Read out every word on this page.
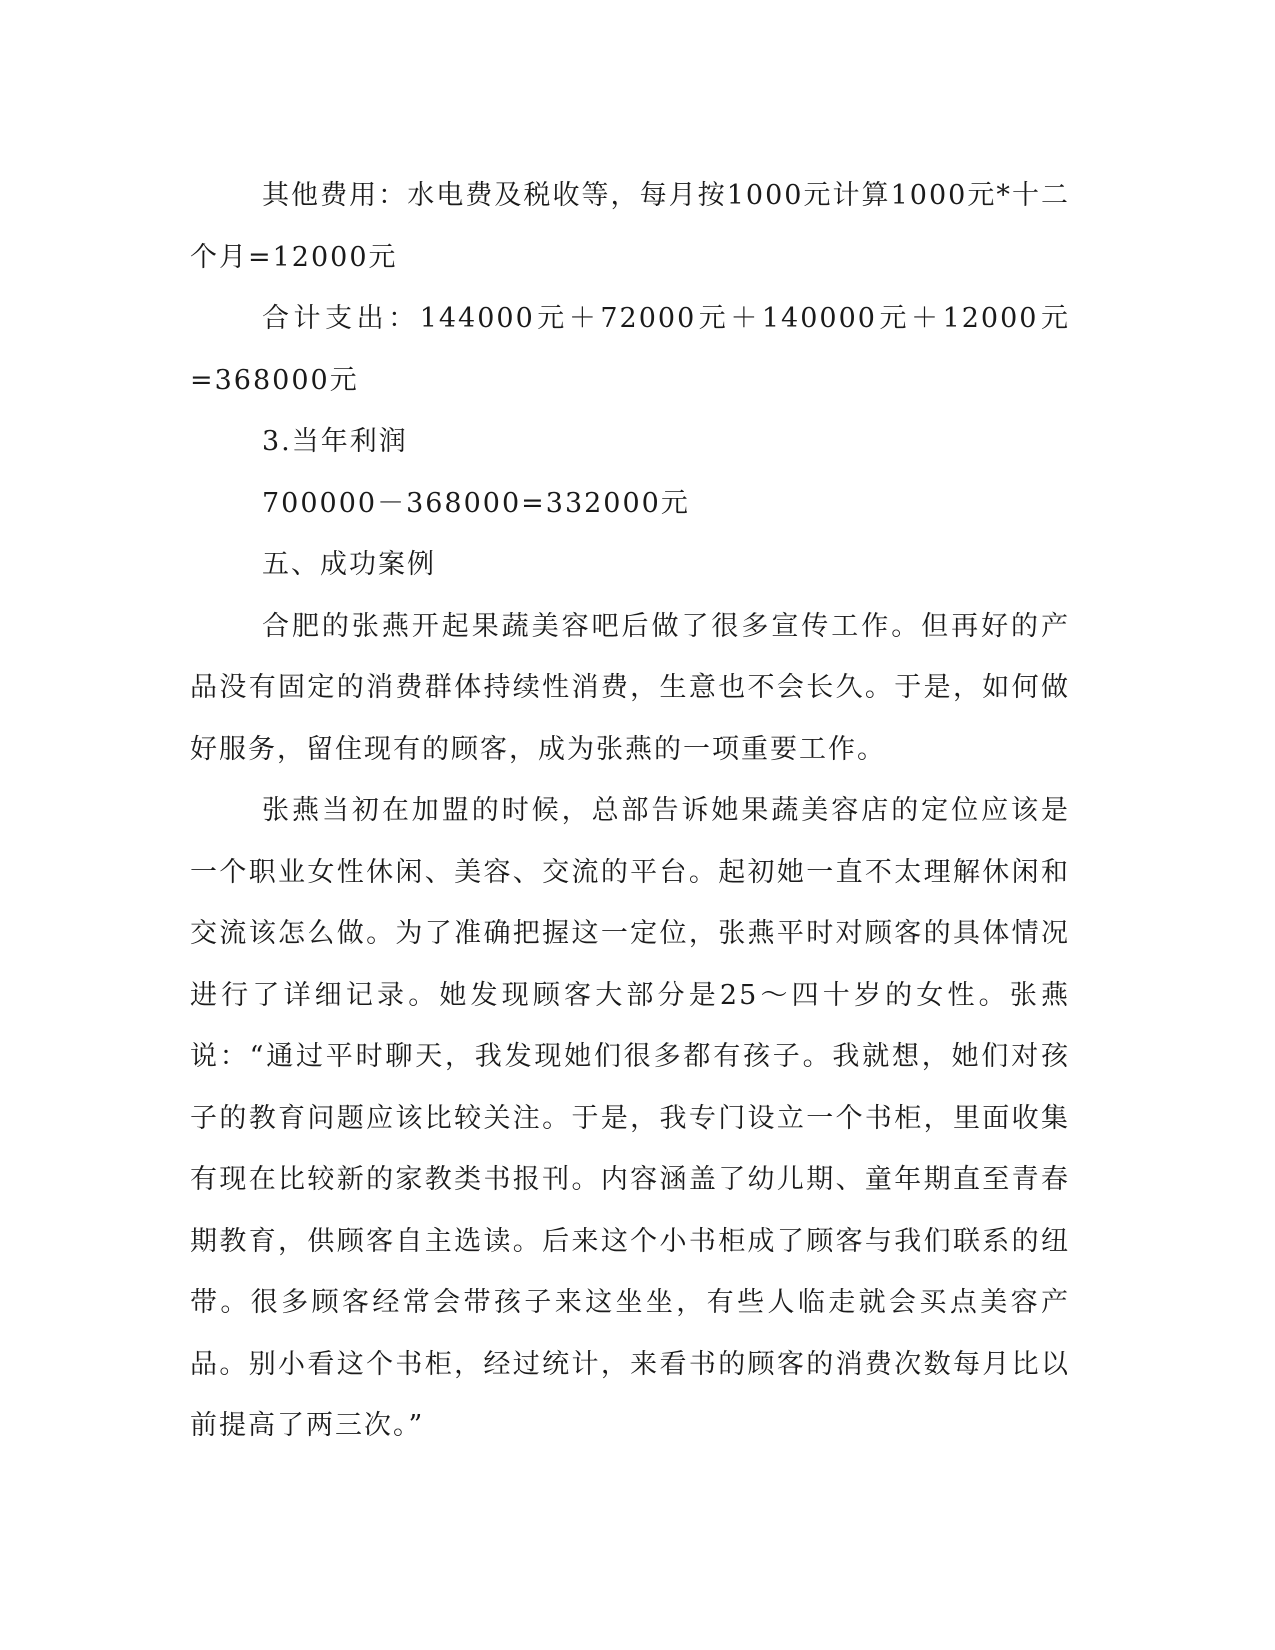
其他费用：水电费及税收等，每月按1000元计算1000元*十二个月=12000元

合计支出：144000元＋72000元＋140000元＋12000元=368000元

3.当年利润

700000－368000=332000元

五、成功案例

合肥的张燕开起果蔬美容吧后做了很多宣传工作。但再好的产品没有固定的消费群体持续性消费，生意也不会长久。于是，如何做好服务，留住现有的顾客，成为张燕的一项重要工作。

张燕当初在加盟的时候，总部告诉她果蔬美容店的定位应该是一个职业女性休闲、美容、交流的平台。起初她一直不太理解休闲和交流该怎么做。为了准确把握这一定位，张燕平时对顾客的具体情况进行了详细记录。她发现顾客大部分是25～四十岁的女性。张燕说：“通过平时聊天，我发现她们很多都有孩子。我就想，她们对孩子的教育问题应该比较关注。于是，我专门设立一个书柜，里面收集有现在比较新的家教类书报刊。内容涵盖了幼儿期、童年期直至青春期教育，供顾客自主选读。后来这个小书柜成了顾客与我们联系的纽带。很多顾客经常会带孩子来这坐坐，有些人临走就会买点美容产品。别小看这个书柜，经过统计，来看书的顾客的消费次数每月比以前提高了两三次。”
